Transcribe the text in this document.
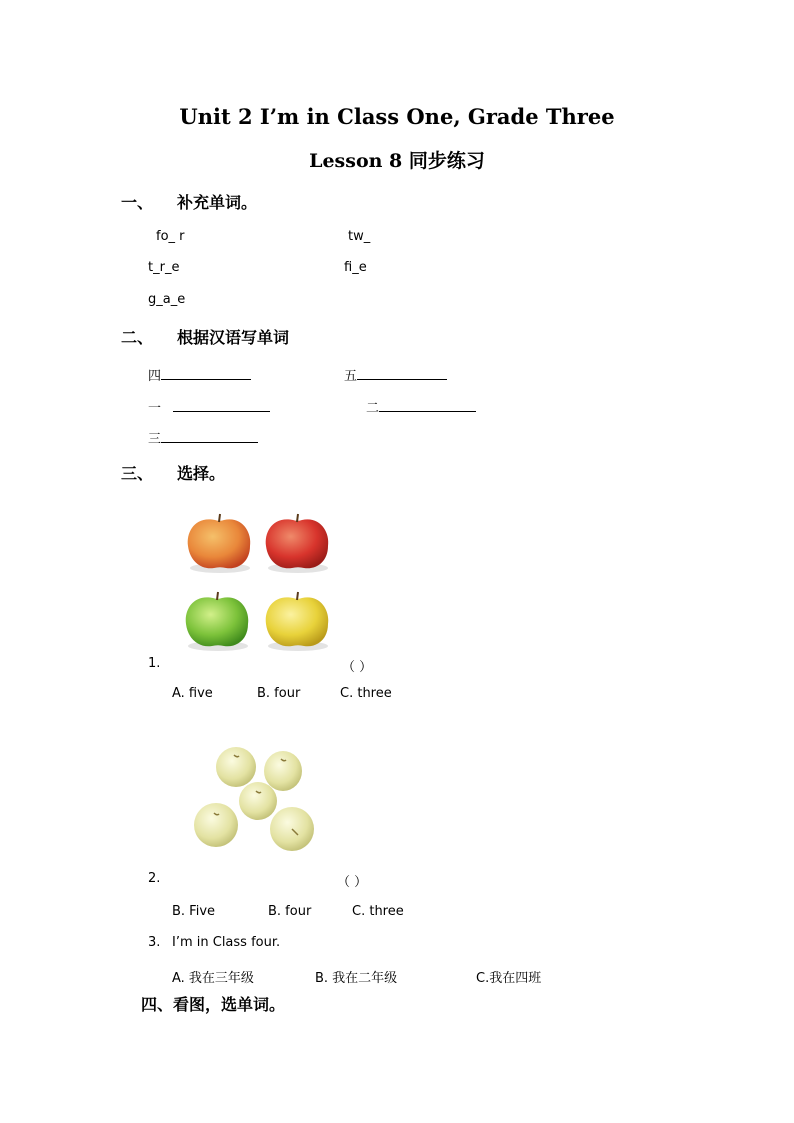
Unit 2 I’m in Class One, Grade Three
Lesson 8 同步练习
一、 补充单词。
fo_ r	tw_
t_r_e	fi_e
g_a_e
二、 根据汉语写单词
四	五
一	二
三
三、 选择。
1.	（ ）
A. five	B. four	C. three
2.	（ ）
B. Five	B. four	C. three
3. I’m in Class four.
A. 我在三年级	B. 我在二年级	C.我在四班
四、看图，选单词。
